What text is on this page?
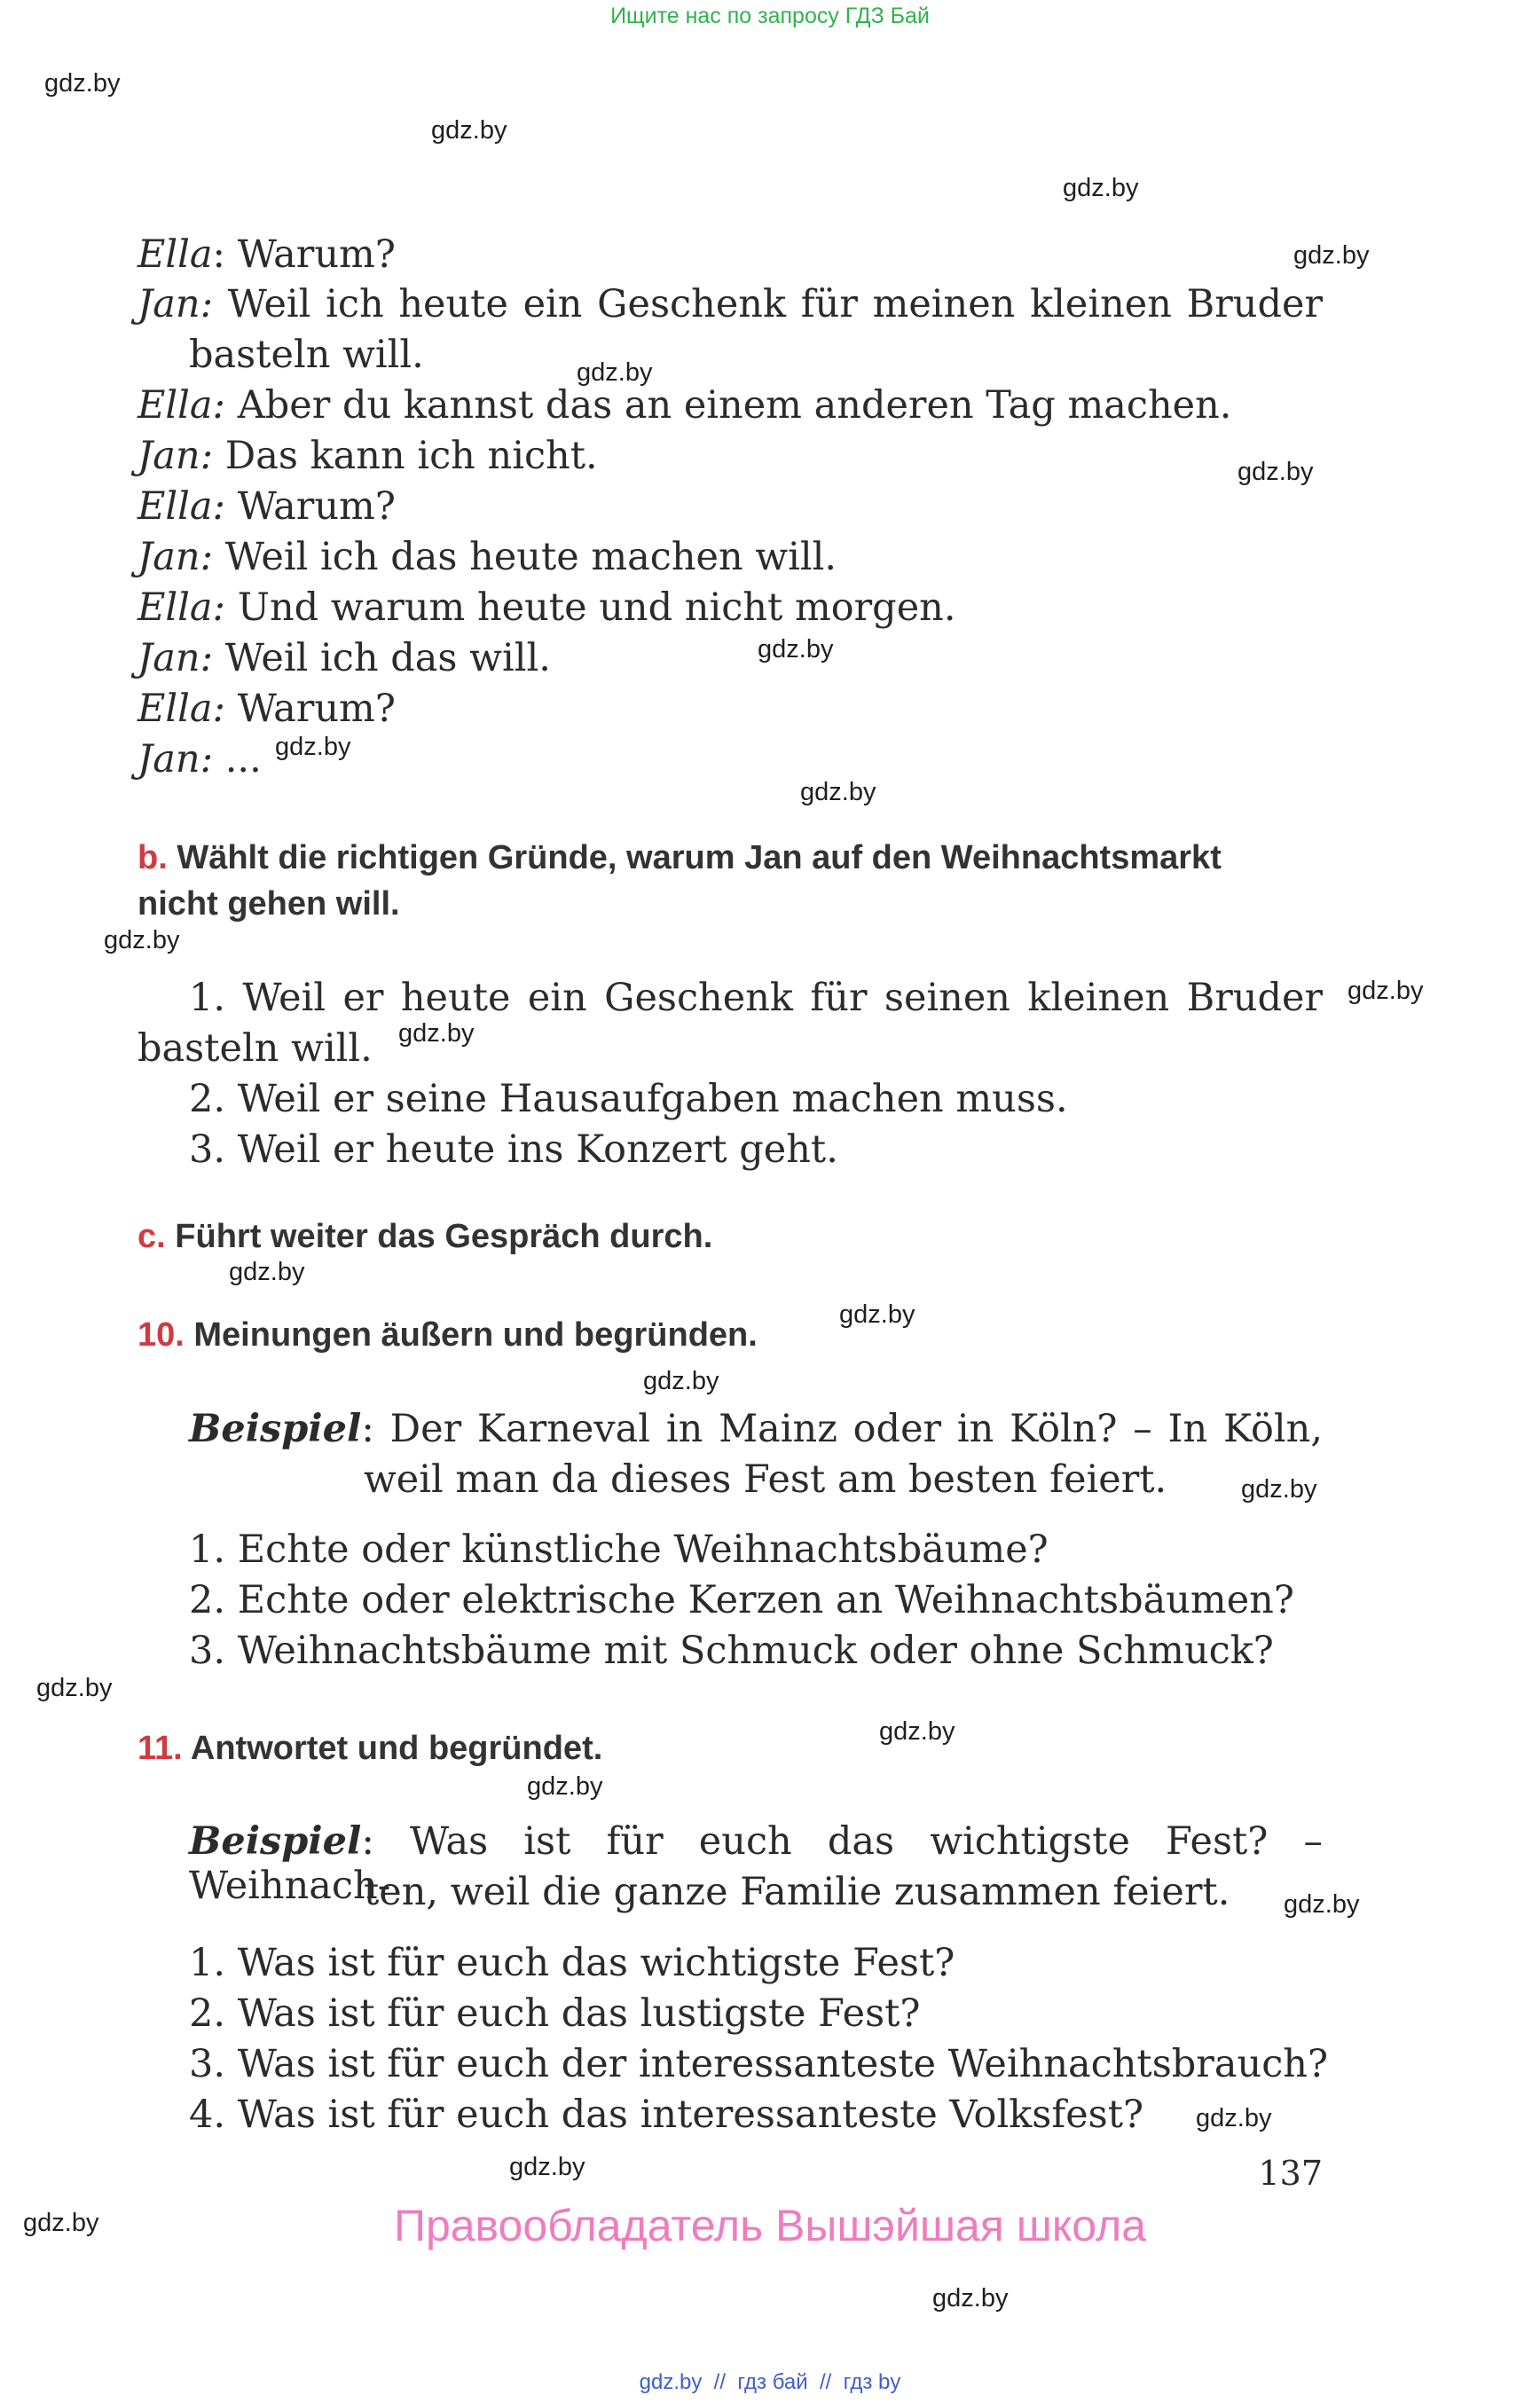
Ищите нас по запросу ГДЗ Бай
gdz.by
gdz.by
gdz.by
gdz.by
gdz.by
gdz.by
gdz.by
gdz.by
gdz.by
gdz.by
gdz.by
gdz.by
gdz.by
gdz.by
gdz.by
gdz.by
gdz.by
gdz.by
gdz.by
gdz.by
gdz.by
gdz.by
gdz.by
gdz.by
Ella: Warum?
Jan: Weil ich heute ein Geschenk für meinen kleinen Bruder
basteln will.
Ella: Aber du kannst das an einem anderen Tag machen.
Jan: Das kann ich nicht.
Ella: Warum?
Jan: Weil ich das heute machen will.
Ella: Und warum heute und nicht morgen.
Jan: Weil ich das will.
Ella: Warum?
Jan: ...
b. Wählt die richtigen Gründe, warum Jan auf den Weihnachtsmarkt
nicht gehen will.
1. Weil er heute ein Geschenk für seinen kleinen Bruder
basteln will.
2. Weil er seine Hausaufgaben machen muss.
3. Weil er heute ins Konzert geht.
c. Führt weiter das Gespräch durch.
10. Meinungen äußern und begründen.
Beispiel: Der Karneval in Mainz oder in Köln? – In Köln,
weil man da dieses Fest am besten feiert.
1. Echte oder künstliche Weihnachtsbäume?
2. Echte oder elektrische Kerzen an Weihnachtsbäumen?
3. Weihnachtsbäume mit Schmuck oder ohne Schmuck?
11. Antwortet und begründet.
Beispiel: Was ist für euch das wichtigste Fest? – Weihnach-
ten, weil die ganze Familie zusammen feiert.
1. Was ist für euch das wichtigste Fest?
2. Was ist für euch das lustigste Fest?
3. Was ist für euch der interessanteste Weihnachtsbrauch?
4. Was ist für euch das interessanteste Volksfest?
137
Правообладатель Вышэйшая школа
gdz.by  //  гдз бай  //  гдз by
